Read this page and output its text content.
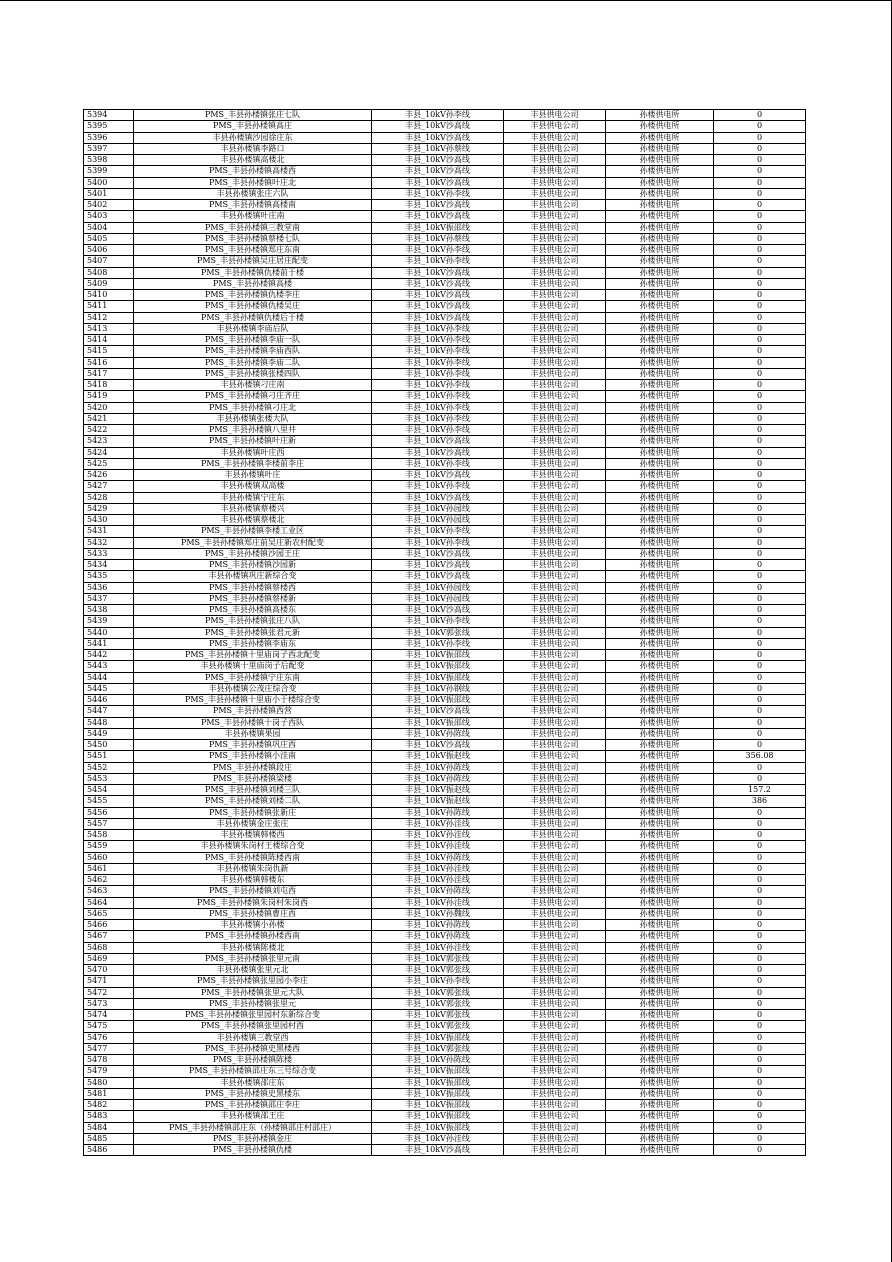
5394	PMS_丰县孙楼镇张庄七队	丰县_10kV孙李线	丰县供电公司	孙楼供电所	0
5395	PMS_丰县孙楼镇高庄	丰县_10kV沙高线	丰县供电公司	孙楼供电所	0
5396	丰县孙楼镇沙园徐庄东	丰县_10kV沙高线	丰县供电公司	孙楼供电所	0
5397	丰县孙楼镇李路口	丰县_10kV孙蔡线	丰县供电公司	孙楼供电所	0
5398	丰县孙楼镇高楼北	丰县_10kV沙高线	丰县供电公司	孙楼供电所	0
5399	PMS_丰县孙楼镇高楼西	丰县_10kV沙高线	丰县供电公司	孙楼供电所	0
5400	PMS_丰县孙楼镇叶庄北	丰县_10kV沙高线	丰县供电公司	孙楼供电所	0
5401	丰县孙楼镇张庄六队	丰县_10kV孙李线	丰县供电公司	孙楼供电所	0
5402	PMS_丰县孙楼镇高楼南	丰县_10kV沙高线	丰县供电公司	孙楼供电所	0
5403	丰县孙楼镇叶庄南	丰县_10kV沙高线	丰县供电公司	孙楼供电所	0
5404	PMS_丰县孙楼镇三教堂南	丰县_10kV振邵线	丰县供电公司	孙楼供电所	0
5405	PMS_丰县孙楼镇蔡楼七队	丰县_10kV孙蔡线	丰县供电公司	孙楼供电所	0
5406	PMS_丰县孙楼镇郑庄东南	丰县_10kV孙李线	丰县供电公司	孙楼供电所	0
5407	PMS_丰县孙楼镇吴庄居庄配变	丰县_10kV孙李线	丰县供电公司	孙楼供电所	0
5408	PMS_丰县孙楼镇仇楼前于楼	丰县_10kV沙高线	丰县供电公司	孙楼供电所	0
5409	PMS_丰县孙楼镇高楼	丰县_10kV沙高线	丰县供电公司	孙楼供电所	0
5410	PMS_丰县孙楼镇仇楼李庄	丰县_10kV沙高线	丰县供电公司	孙楼供电所	0
5411	PMS_丰县孙楼镇仇楼吴庄	丰县_10kV沙高线	丰县供电公司	孙楼供电所	0
5412	PMS_丰县孙楼镇仇楼后于楼	丰县_10kV沙高线	丰县供电公司	孙楼供电所	0
5413	丰县孙楼镇李庙后队	丰县_10kV孙李线	丰县供电公司	孙楼供电所	0
5414	PMS_丰县孙楼镇李庙一队	丰县_10kV孙李线	丰县供电公司	孙楼供电所	0
5415	PMS_丰县孙楼镇李庙西队	丰县_10kV孙李线	丰县供电公司	孙楼供电所	0
5416	PMS_丰县孙楼镇李庙二队	丰县_10kV孙李线	丰县供电公司	孙楼供电所	0
5417	PMS_丰县孙楼镇张楼四队	丰县_10kV孙李线	丰县供电公司	孙楼供电所	0
5418	丰县孙楼镇刁庄南	丰县_10kV孙李线	丰县供电公司	孙楼供电所	0
5419	PMS_丰县孙楼镇刁庄齐庄	丰县_10kV孙李线	丰县供电公司	孙楼供电所	0
5420	PMS_丰县孙楼镇刁庄北	丰县_10kV孙李线	丰县供电公司	孙楼供电所	0
5421	丰县孙楼镇张楼大队	丰县_10kV孙李线	丰县供电公司	孙楼供电所	0
5422	PMS_丰县孙楼镇八里井	丰县_10kV孙李线	丰县供电公司	孙楼供电所	0
5423	PMS_丰县孙楼镇叶庄新	丰县_10kV沙高线	丰县供电公司	孙楼供电所	0
5424	丰县孙楼镇叶庄西	丰县_10kV沙高线	丰县供电公司	孙楼供电所	0
5425	PMS_丰县孙楼镇李楼前李庄	丰县_10kV孙李线	丰县供电公司	孙楼供电所	0
5426	丰县孙楼镇叶庄	丰县_10kV沙高线	丰县供电公司	孙楼供电所	0
5427	丰县孙楼镇双高楼	丰县_10kV孙李线	丰县供电公司	孙楼供电所	0
5428	丰县孙楼镇宁庄东	丰县_10kV沙高线	丰县供电公司	孙楼供电所	0
5429	丰县孙楼镇蔡楼兴	丰县_10kV孙园线	丰县供电公司	孙楼供电所	0
5430	丰县孙楼镇蔡楼北	丰县_10kV孙园线	丰县供电公司	孙楼供电所	0
5431	PMS_丰县孙楼镇李楼工业区	丰县_10kV孙李线	丰县供电公司	孙楼供电所	0
5432	PMS_丰县孙楼镇郑庄前吴庄新农村配变	丰县_10kV孙李线	丰县供电公司	孙楼供电所	0
5433	PMS_丰县孙楼镇沙园王庄	丰县_10kV沙高线	丰县供电公司	孙楼供电所	0
5434	PMS_丰县孙楼镇沙园新	丰县_10kV沙高线	丰县供电公司	孙楼供电所	0
5435	丰县孙楼镇巩庄新综合变	丰县_10kV沙高线	丰县供电公司	孙楼供电所	0
5436	PMS_丰县孙楼镇蔡楼西	丰县_10kV孙园线	丰县供电公司	孙楼供电所	0
5437	PMS_丰县孙楼镇蔡楼新	丰县_10kV孙园线	丰县供电公司	孙楼供电所	0
5438	PMS_丰县孙楼镇高楼东	丰县_10kV沙高线	丰县供电公司	孙楼供电所	0
5439	PMS_丰县孙楼镇张庄八队	丰县_10kV孙李线	丰县供电公司	孙楼供电所	0
5440	PMS_丰县孙楼镇张君元新	丰县_10kV郭张线	丰县供电公司	孙楼供电所	0
5441	PMS_丰县孙楼镇李庙东	丰县_10kV孙李线	丰县供电公司	孙楼供电所	0
5442	PMS_丰县孙楼镇十里庙岗子西北配变	丰县_10kV振邵线	丰县供电公司	孙楼供电所	0
5443	丰县孙楼镇十里庙岗子后配变	丰县_10kV振邵线	丰县供电公司	孙楼供电所	0
5444	PMS_丰县孙楼镇宁庄东南	丰县_10kV振邵线	丰县供电公司	孙楼供电所	0
5445	丰县孙楼镇公茂庄综合变	丰县_10kV孙钢线	丰县供电公司	孙楼供电所	0
5446	PMS_丰县孙楼镇十里庙小于楼综合变	丰县_10kV振邵线	丰县供电公司	孙楼供电所	0
5447	PMS_丰县孙楼镇西营	丰县_10kV沙高线	丰县供电公司	孙楼供电所	0
5448	PMS_丰县孙楼镇十岗子西队	丰县_10kV振邵线	丰县供电公司	孙楼供电所	0
5449	丰县孙楼镇果园	丰县_10kV孙陈线	丰县供电公司	孙楼供电所	0
5450	PMS_丰县孙楼镇巩庄西	丰县_10kV沙高线	丰县供电公司	孙楼供电所	0
5451	PMS_丰县孙楼镇小洼南	丰县_10kV振赵线	丰县供电公司	孙楼供电所	356.08
5452	PMS_丰县孙楼镇段庄	丰县_10kV孙陈线	丰县供电公司	孙楼供电所	0
5453	PMS_丰县孙楼镇梁楼	丰县_10kV孙陈线	丰县供电公司	孙楼供电所	0
5454	PMS_丰县孙楼镇刘楼三队	丰县_10kV振赵线	丰县供电公司	孙楼供电所	157.2
5455	PMS_丰县孙楼镇刘楼二队	丰县_10kV振赵线	丰县供电公司	孙楼供电所	386
5456	PMS_丰县孙楼镇张新庄	丰县_10kV孙陈线	丰县供电公司	孙楼供电所	0
5457	丰县孙楼镇金庄张庄	丰县_10kV孙洼线	丰县供电公司	孙楼供电所	0
5458	丰县孙楼镇韩楼西	丰县_10kV孙洼线	丰县供电公司	孙楼供电所	0
5459	丰县孙楼镇朱岗村王楼综合变	丰县_10kV孙洼线	丰县供电公司	孙楼供电所	0
5460	PMS_丰县孙楼镇陈楼西南	丰县_10kV孙陈线	丰县供电公司	孙楼供电所	0
5461	丰县孙楼镇朱岗仇新	丰县_10kV孙洼线	丰县供电公司	孙楼供电所	0
5462	丰县孙楼镇韩楼东	丰县_10kV孙洼线	丰县供电公司	孙楼供电所	0
5463	PMS_丰县孙楼镇刘屯西	丰县_10kV孙陈线	丰县供电公司	孙楼供电所	0
5464	PMS_丰县孙楼镇朱岗村朱岗西	丰县_10kV孙洼线	丰县供电公司	孙楼供电所	0
5465	PMS_丰县孙楼镇曹庄西	丰县_10kV孙魏线	丰县供电公司	孙楼供电所	0
5466	丰县孙楼镇小孙楼	丰县_10kV孙陈线	丰县供电公司	孙楼供电所	0
5467	PMS_丰县孙楼镇孙楼西南	丰县_10kV孙陈线	丰县供电公司	孙楼供电所	0
5468	丰县孙楼镇陈楼北	丰县_10kV孙洼线	丰县供电公司	孙楼供电所	0
5469	PMS_丰县孙楼镇张里元南	丰县_10kV郭张线	丰县供电公司	孙楼供电所	0
5470	丰县孙楼镇张里元北	丰县_10kV郭张线	丰县供电公司	孙楼供电所	0
5471	PMS_丰县孙楼镇张里园小李庄	丰县_10kV孙李线	丰县供电公司	孙楼供电所	0
5472	PMS_丰县孙楼镇张里元大队	丰县_10kV郭张线	丰县供电公司	孙楼供电所	0
5473	PMS_丰县孙楼镇张里元	丰县_10kV郭张线	丰县供电公司	孙楼供电所	0
5474	PMS_丰县孙楼镇张里园村东新综合变	丰县_10kV郭张线	丰县供电公司	孙楼供电所	0
5475	PMS_丰县孙楼镇张里园村西	丰县_10kV郭张线	丰县供电公司	孙楼供电所	0
5476	丰县孙楼镇三教堂西	丰县_10kV振邵线	丰县供电公司	孙楼供电所	0
5477	PMS_丰县孙楼镇史黑楼西	丰县_10kV郭张线	丰县供电公司	孙楼供电所	0
5478	PMS_丰县孙楼镇陈楼	丰县_10kV孙陈线	丰县供电公司	孙楼供电所	0
5479	PMS_丰县孙楼镇邵庄东三号综合变	丰县_10kV振邵线	丰县供电公司	孙楼供电所	0
5480	丰县孙楼镇邵庄东	丰县_10kV振邵线	丰县供电公司	孙楼供电所	0
5481	PMS_丰县孙楼镇史黑楼东	丰县_10kV振邵线	丰县供电公司	孙楼供电所	0
5482	PMS_丰县孙楼镇邵庄李庄	丰县_10kV振邵线	丰县供电公司	孙楼供电所	0
5483	丰县孙楼镇邵王庄	丰县_10kV振邵线	丰县供电公司	孙楼供电所	0
5484	PMS_丰县孙楼镇邵庄东（孙楼镇邵庄村邵庄）	丰县_10kV振邵线	丰县供电公司	孙楼供电所	0
5485	PMS_丰县孙楼镇金庄	丰县_10kV孙洼线	丰县供电公司	孙楼供电所	0
5486	PMS_丰县孙楼镇仇楼	丰县_10kV沙高线	丰县供电公司	孙楼供电所	0
